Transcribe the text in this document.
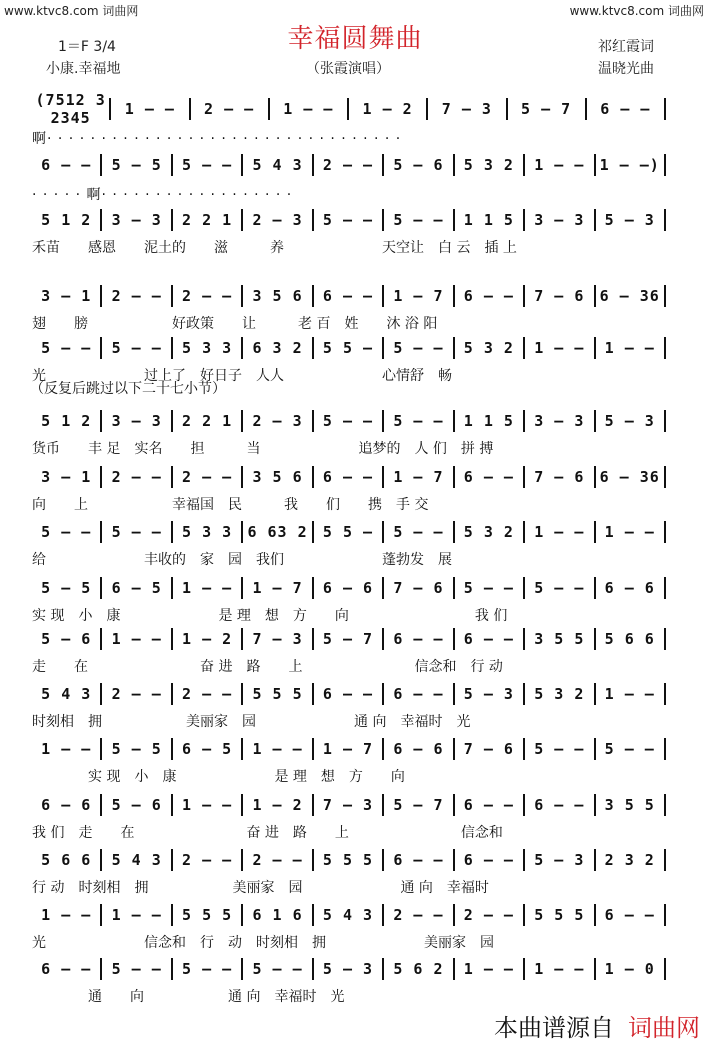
www.ktvc8.com 词曲网	www.ktvc8.com 词曲网
幸福圆舞曲
1＝F 3/4
小康.幸福地	（张霞演唱）
祁红霞词
温晓光曲
（反复后跳过以下二十七小节）
(7512 3 2345	1 – –	2 – –	1 – –	1 – 2	7 – 3	5 – 7	6 – –
啊· · · · · · · · · · · · · · · · · · · · · · · · · · · · · · · · ·
6 – –	5 – 5	5 – –	5 4 3	2 – –	5 – 6	5 3 2	1 – –	1 – –)
· · · · · 啊· · · · · · · · · · · · · · · · · ·
5 1 2	3 – 3	2 2 1	2 – 3	5 – –	5 – –	1 1 5	3 – 3	5 – 3
禾苗　　感恩　　泥土的　　滋　　　养　　　　　　　天空让　白 云　插 上
3 – 1	2 – –	2 – –	3 5 6	6 – –	1 – 7	6 – –	7 – 6	6 – 36
翅　　膀　　　　　　好政策　　让　　　老 百　姓　　沐 浴 阳
5 – –	5 – –	5 3 3	6 3 2	5 5 –	5 – –	5 3 2	1 – –	1 – –
光　　　　　　　过上了　好日子　人人　　　　　　　心情舒　畅
5 1 2	3 – 3	2 2 1	2 – 3	5 – –	5 – –	1 1 5	3 – 3	5 – 3
货币　　丰 足　实名　　担　　　当　　　　　　　追梦的　人 们　拼 搏
3 – 1	2 – –	2 – –	3 5 6	6 – –	1 – 7	6 – –	7 – 6	6 – 36
向　　上　　　　　　幸福国　民　　　我　　们　　携　手 交
5 – –	5 – –	5 3 3	6 63 2	5 5 –	5 – –	5 3 2	1 – –	1 – –
给　　　　　　　丰收的　家　园　我们　　　　　　　蓬勃发　展
5 – 5	6 – 5	1 – –	1 – 7	6 – 6	7 – 6	5 – –	5 – –	6 – 6
实 现　小　康　　　　　　　是 理　想　方　　向　　　　　　　　　我 们
5 – 6	1 – –	1 – 2	7 – 3	5 – 7	6 – –	6 – –	3 5 5	5 6 6
走　　在　　　　　　　　奋 进　路　　上　　　　　　　　信念和　行 动
5 4 3	2 – –	2 – –	5 5 5	6 – –	6 – –	5 – 3	5 3 2	1 – –
时刻相　拥　　　　　　美丽家　园　　　　　　　通 向　幸福时　光
1 – –	5 – 5	6 – 5	1 – –	1 – 7	6 – 6	7 – 6	5 – –	5 – –
　　　　实 现　小　康　　　　　　　是 理　想　方　　向
6 – 6	5 – 6	1 – –	1 – 2	7 – 3	5 – 7	6 – –	6 – –	3 5 5
我 们　走　　在　　　　　　　　奋 进　路　　上　　　　　　　　信念和
5 6 6	5 4 3	2 – –	2 – –	5 5 5	6 – –	6 – –	5 – 3	2 3 2
行 动　时刻相　拥　　　　　　美丽家　园　　　　　　　通 向　幸福时
1 – –	1 – –	5 5 5	6 1 6	5 4 3	2 – –	2 – –	5 5 5	6 – –
光　　　　　　　信念和　行　动　时刻相　拥　　　　　　　美丽家　园
6 – –	5 – –	5 – –	5 – –	5 – 3	5 6 2	1 – –	1 – –	1 – 0
　　　　通　　向　　　　　　通 向　幸福时　光
本曲谱源自 词曲网
